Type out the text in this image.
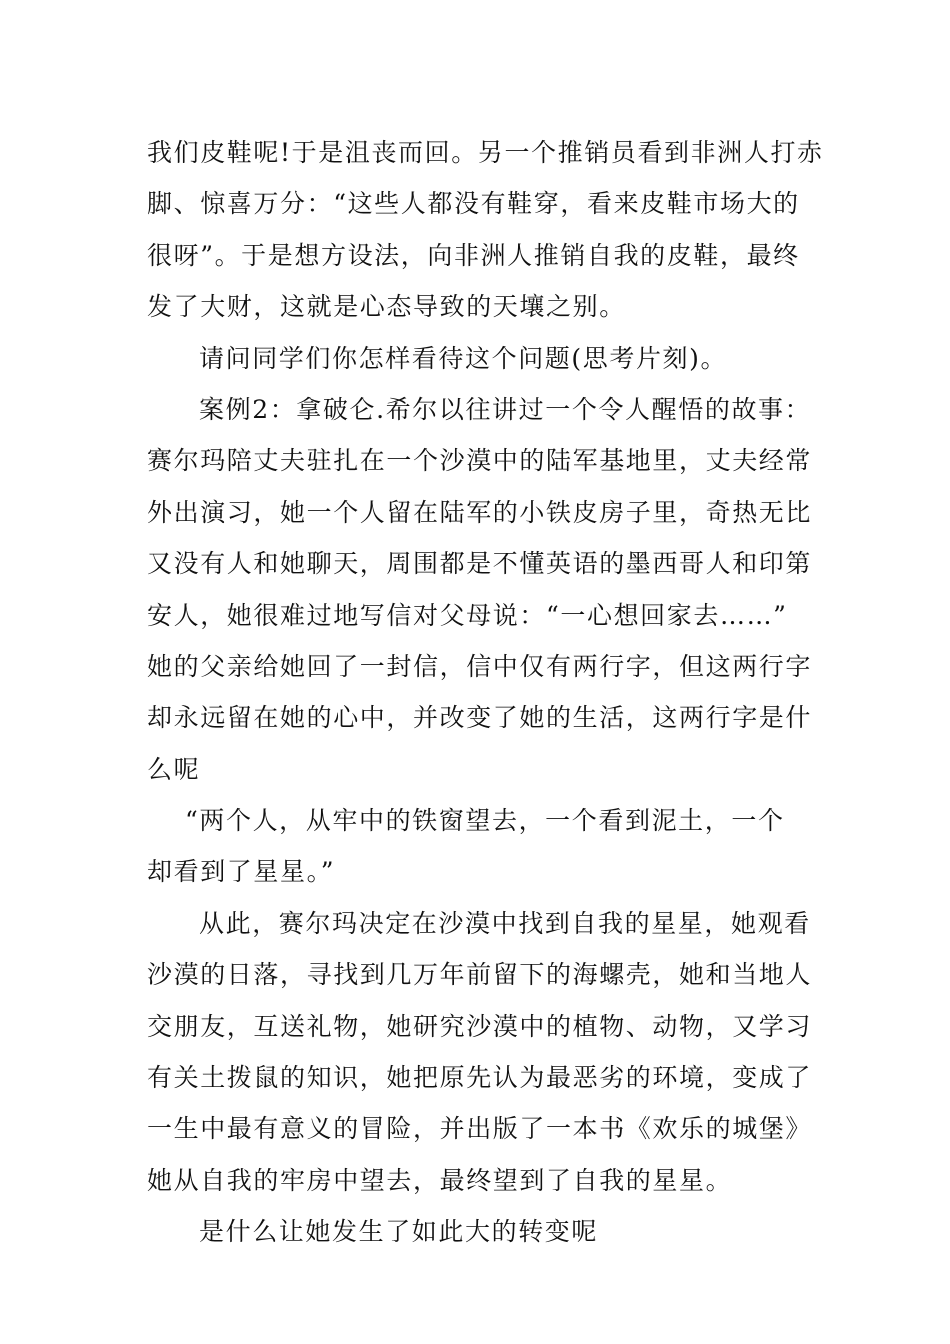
我们皮鞋呢!于是沮丧而回。另一个推销员看到非洲人打赤
脚、惊喜万分：“这些人都没有鞋穿，看来皮鞋市场大的
很呀”。于是想方设法，向非洲人推销自我的皮鞋，最终
发了大财，这就是心态导致的天壤之别。
请问同学们你怎样看待这个问题(思考片刻)。
案例2：拿破仑.希尔以往讲过一个令人醒悟的故事：
赛尔玛陪丈夫驻扎在一个沙漠中的陆军基地里，丈夫经常
外出演习，她一个人留在陆军的小铁皮房子里，奇热无比
又没有人和她聊天，周围都是不懂英语的墨西哥人和印第
安人，她很难过地写信对父母说：“一心想回家去……”
她的父亲给她回了一封信，信中仅有两行字，但这两行字
却永远留在她的心中，并改变了她的生活，这两行字是什
么呢
“两个人，从牢中的铁窗望去，一个看到泥土，一个
却看到了星星。”
从此，赛尔玛决定在沙漠中找到自我的星星，她观看
沙漠的日落，寻找到几万年前留下的海螺壳，她和当地人
交朋友，互送礼物，她研究沙漠中的植物、动物，又学习
有关土拨鼠的知识，她把原先认为最恶劣的环境，变成了
一生中最有意义的冒险，并出版了一本书《欢乐的城堡》
她从自我的牢房中望去，最终望到了自我的星星。
是什么让她发生了如此大的转变呢
